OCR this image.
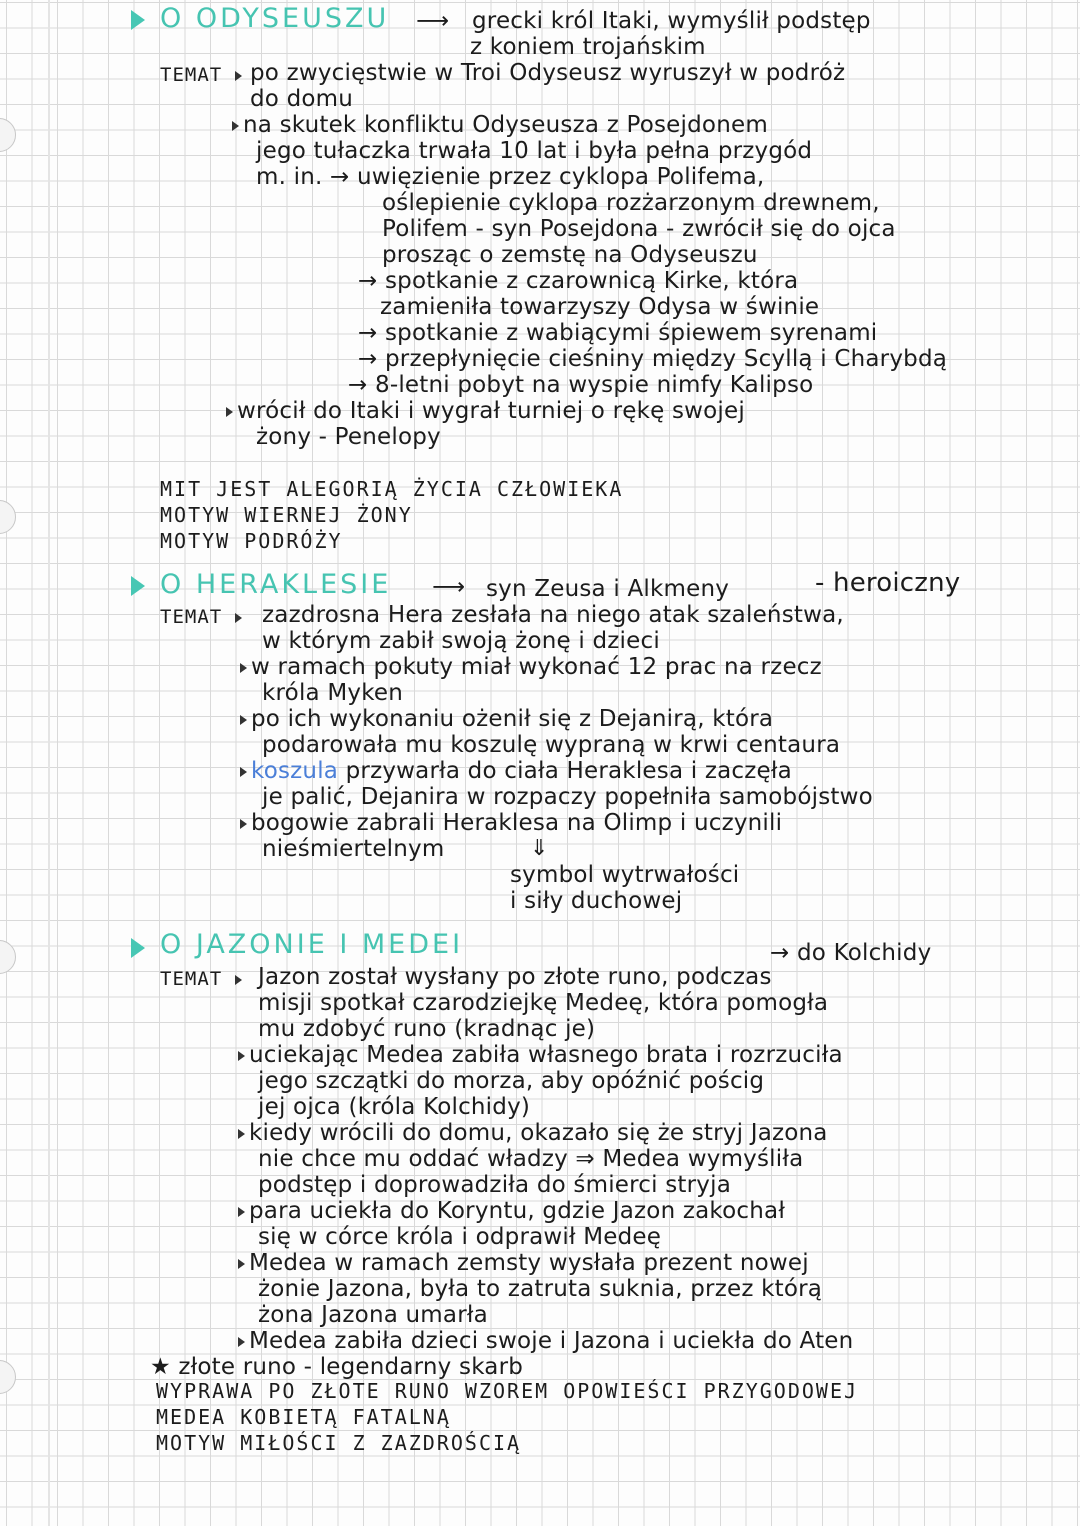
O ODYSEUSZU ⟶ grecki król Itaki, wymyślił podstęp
z koniem trojańskim
TEMAT	po zwycięstwie w Troi Odyseusz wyruszył w podróż
do domu
na skutek konfliktu Odyseusza z Posejdonem
jego tułaczka trwała 10 lat i była pełna przygód
m. in. → uwięzienie przez cyklopa Polifema,
oślepienie cyklopa rozżarzonym drewnem,
Polifem - syn Posejdona - zwrócił się do ojca
prosząc o zemstę na Odyseuszu
→ spotkanie z czarownicą Kirke, która
zamieniła towarzyszy Odysa w świnie
→ spotkanie z wabiącymi śpiewem syrenami
→ przepłynięcie cieśniny między Scyllą i Charybdą
→ 8-letni pobyt na wyspie nimfy Kalipso
wrócił do Itaki i wygrał turniej o rękę swojej
żony - Penelopy
MIT JEST ALEGORIĄ ŻYCIA CZŁOWIEKA
MOTYW WIERNEJ ŻONY
MOTYW PODRÓŻY
O HERAKLESIE ⟶ syn Zeusa i Alkmeny	- heroiczny
TEMAT	zazdrosna Hera zesłała na niego atak szaleństwa,
w którym zabił swoją żonę i dzieci
w ramach pokuty miał wykonać 12 prac na rzecz
króla Myken
po ich wykonaniu ożenił się z Dejanirą, która
podarowała mu koszulę wypraną w krwi centaura
koszula przywarła do ciała Heraklesa i zaczęła
je palić, Dejanira w rozpaczy popełniła samobójstwo
bogowie zabrali Heraklesa na Olimp i uczynili
nieśmiertelnym	⇓
symbol wytrwałości
i siły duchowej
O JAZONIE I MEDEI	→ do Kolchidy
TEMAT	Jazon został wysłany po złote runo, podczas
misji spotkał czarodziejkę Medeę, która pomogła
mu zdobyć runo (kradnąc je)
uciekając Medea zabiła własnego brata i rozrzuciła
jego szczątki do morza, aby opóźnić pościg
jej ojca (króla Kolchidy)
kiedy wrócili do domu, okazało się że stryj Jazona
nie chce mu oddać władzy ⇒ Medea wymyśliła
podstęp i doprowadziła do śmierci stryja
para uciekła do Koryntu, gdzie Jazon zakochał
się w córce króla i odprawił Medeę
Medea w ramach zemsty wysłała prezent nowej
żonie Jazona, była to zatruta suknia, przez którą
żona Jazona umarła
Medea zabiła dzieci swoje i Jazona i uciekła do Aten
★ złote runo - legendarny skarb
WYPRAWA PO ZŁOTE RUNO WZOREM OPOWIEŚCI PRZYGODOWEJ
MEDEA KOBIETĄ FATALNĄ
MOTYW MIŁOŚCI Z ZAZDROŚCIĄ
